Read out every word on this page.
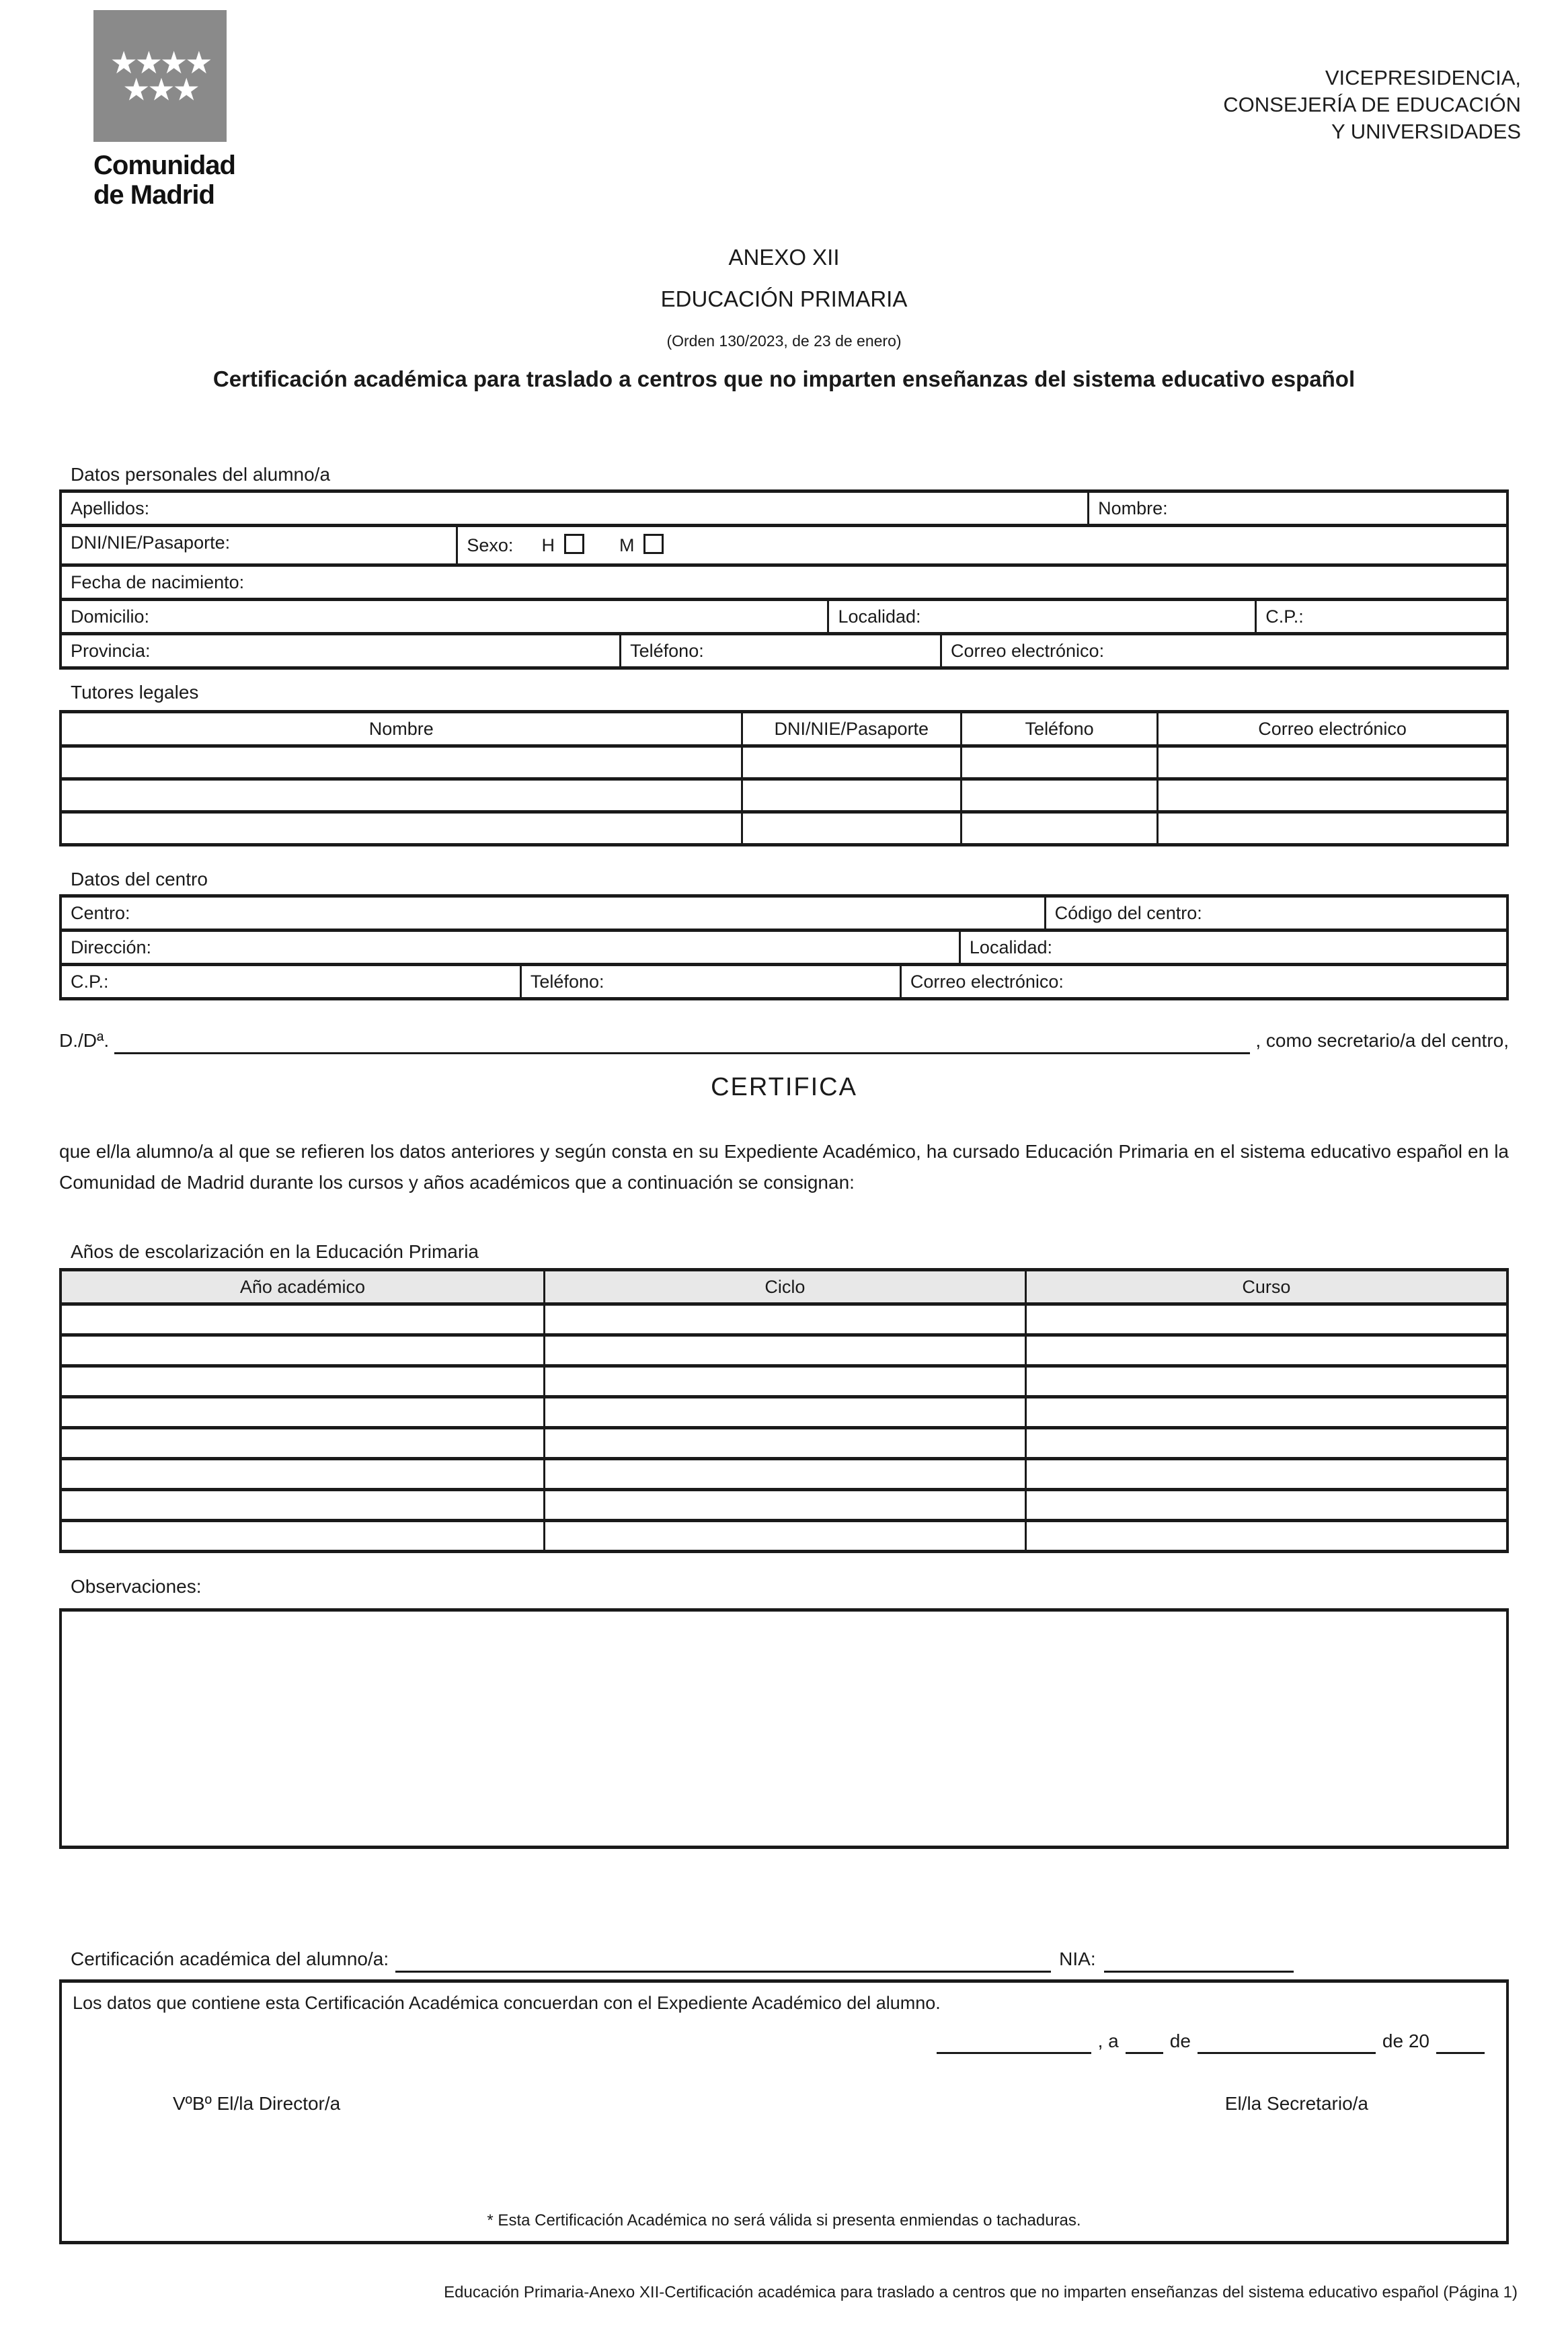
★ ★ ★ ★
★ ★ ★
Comunidad
de Madrid
VICEPRESIDENCIA,
CONSEJERÍA DE EDUCACIÓN
Y UNIVERSIDADES
ANEXO XII
EDUCACIÓN PRIMARIA
(Orden 130/2023, de 23 de enero)
Certificación académica para traslado a centros que no imparten enseñanzas del sistema educativo español
Datos personales del alumno/a
Apellidos:	Nombre:
DNI/NIE/Pasaporte:	Sexo: H	M
Fecha de nacimiento:
Domicilio:	Localidad:	C.P.:
Provincia:	Teléfono:	Correo electrónico:
Tutores legales
Nombre	DNI/NIE/Pasaporte	Teléfono	Correo electrónico
Datos del centro
Centro:	Código del centro:
Dirección:	Localidad:
C.P.:	Teléfono:	Correo electrónico:
D./Dª.	, como secretario/a del centro,
CERTIFICA
que el/la alumno/a al que se refieren los datos anteriores y según consta en su Expediente Académico, ha cursado Educación Primaria en el sistema educativo español en la Comunidad de Madrid durante los cursos y años académicos que a continuación se consignan:
Años de escolarización en la Educación Primaria
Año académico	Ciclo	Curso
Observaciones:
Certificación académica del alumno/a:	NIA:
Los datos que contiene esta Certificación Académica concuerdan con el Expediente Académico del alumno.
, a	de	de 20
VºBº El/la Director/a	El/la Secretario/a
* Esta Certificación Académica no será válida si presenta enmiendas o tachaduras.
Educación Primaria-Anexo XII-Certificación académica para traslado a centros que no imparten enseñanzas del sistema educativo español (Página 1)
